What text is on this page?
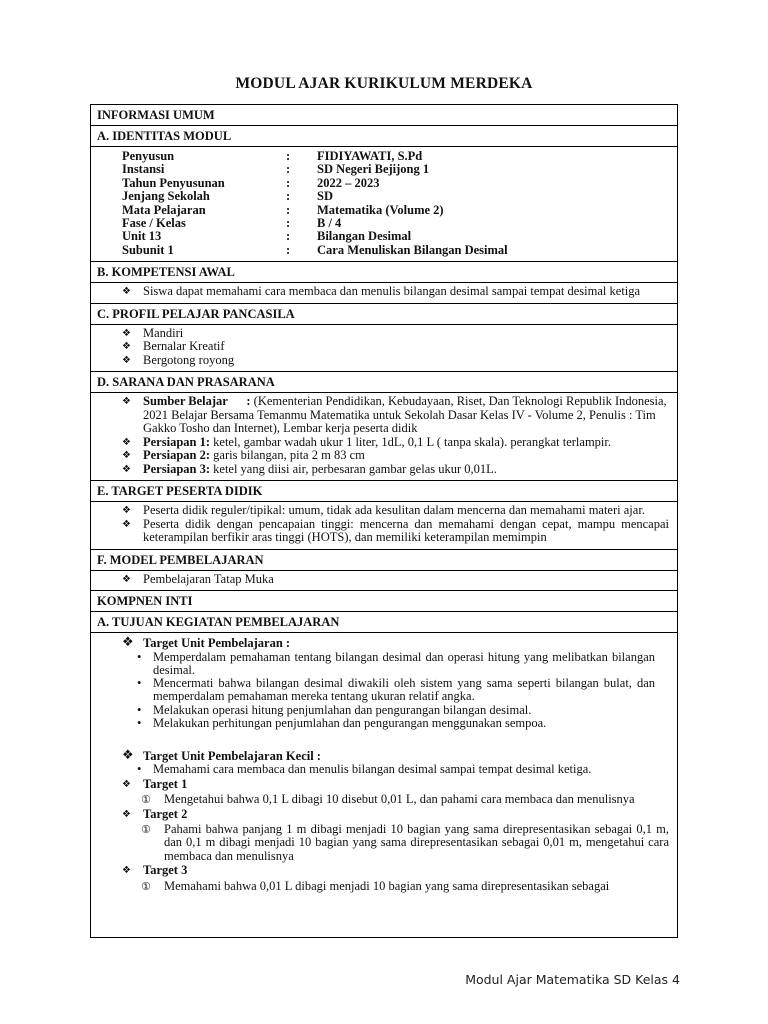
MODUL AJAR KURIKULUM MERDEKA
INFORMASI UMUM
A. IDENTITAS MODUL
Penyusun	:	FIDIYAWATI, S.Pd
Instansi	:	SD Negeri Bejijong 1
Tahun Penyusunan	:	2022 – 2023
Jenjang Sekolah	:	SD
Mata Pelajaran	:	Matematika (Volume 2)
Fase / Kelas	:	B / 4
Unit 13	:	Bilangan Desimal
Subunit 1	:	Cara Menuliskan Bilangan Desimal
B. KOMPETENSI AWAL
❖ Siswa dapat memahami cara membaca dan menulis bilangan desimal sampai tempat desimal ketiga
C. PROFIL PELAJAR PANCASILA
❖ Mandiri
❖ Bernalar Kreatif
❖ Bergotong royong
D. SARANA DAN PRASARANA
❖ Sumber Belajar      : (Kementerian Pendidikan, Kebudayaan, Riset, Dan Teknologi Republik Indonesia, 2021 Belajar Bersama Temanmu Matematika untuk Sekolah Dasar Kelas IV - Volume 2, Penulis : Tim Gakko Tosho dan Internet), Lembar kerja peserta didik
❖ Persiapan 1: ketel, gambar wadah ukur 1 liter, 1dL, 0,1 L ( tanpa skala). perangkat terlampir.
❖ Persiapan 2: garis bilangan, pita 2 m 83 cm
❖ Persiapan 3: ketel yang diisi air, perbesaran gambar gelas ukur 0,01L.
E. TARGET PESERTA DIDIK
❖ Peserta didik reguler/tipikal: umum, tidak ada kesulitan dalam mencerna dan memahami materi ajar.
❖ Peserta didik dengan pencapaian tinggi: mencerna dan memahami dengan cepat, mampu mencapai keterampilan berfikir aras tinggi (HOTS), dan memiliki keterampilan memimpin
F. MODEL PEMBELAJARAN
❖ Pembelajaran Tatap Muka
KOMPNEN INTI
A. TUJUAN KEGIATAN PEMBELAJARAN
❖ Target Unit Pembelajaran :
• Memperdalam pemahaman tentang bilangan desimal dan operasi hitung yang melibatkan bilangan desimal.
• Mencermati bahwa bilangan desimal diwakili oleh sistem yang sama seperti bilangan bulat, dan memperdalam pemahaman mereka tentang ukuran relatif angka.
• Melakukan operasi hitung penjumlahan dan pengurangan bilangan desimal.
• Melakukan perhitungan penjumlahan dan pengurangan menggunakan sempoa.
❖ Target Unit Pembelajaran Kecil :
• Memahami cara membaca dan menulis bilangan desimal sampai tempat desimal ketiga.
❖ Target 1
①	Mengetahui bahwa 0,1 L dibagi 10 disebut 0,01 L, dan pahami cara membaca dan menulisnya
❖ Target 2
①	Pahami bahwa panjang 1 m dibagi menjadi 10 bagian yang sama direpresentasikan sebagai 0,1 m, dan 0,1 m dibagi menjadi 10 bagian yang sama direpresentasikan sebagai 0,01 m, mengetahui cara membaca dan menulisnya
❖ Target 3
①	Memahami bahwa 0,01 L dibagi menjadi 10 bagian yang sama direpresentasikan sebagai
Modul Ajar Matematika SD Kelas 4
